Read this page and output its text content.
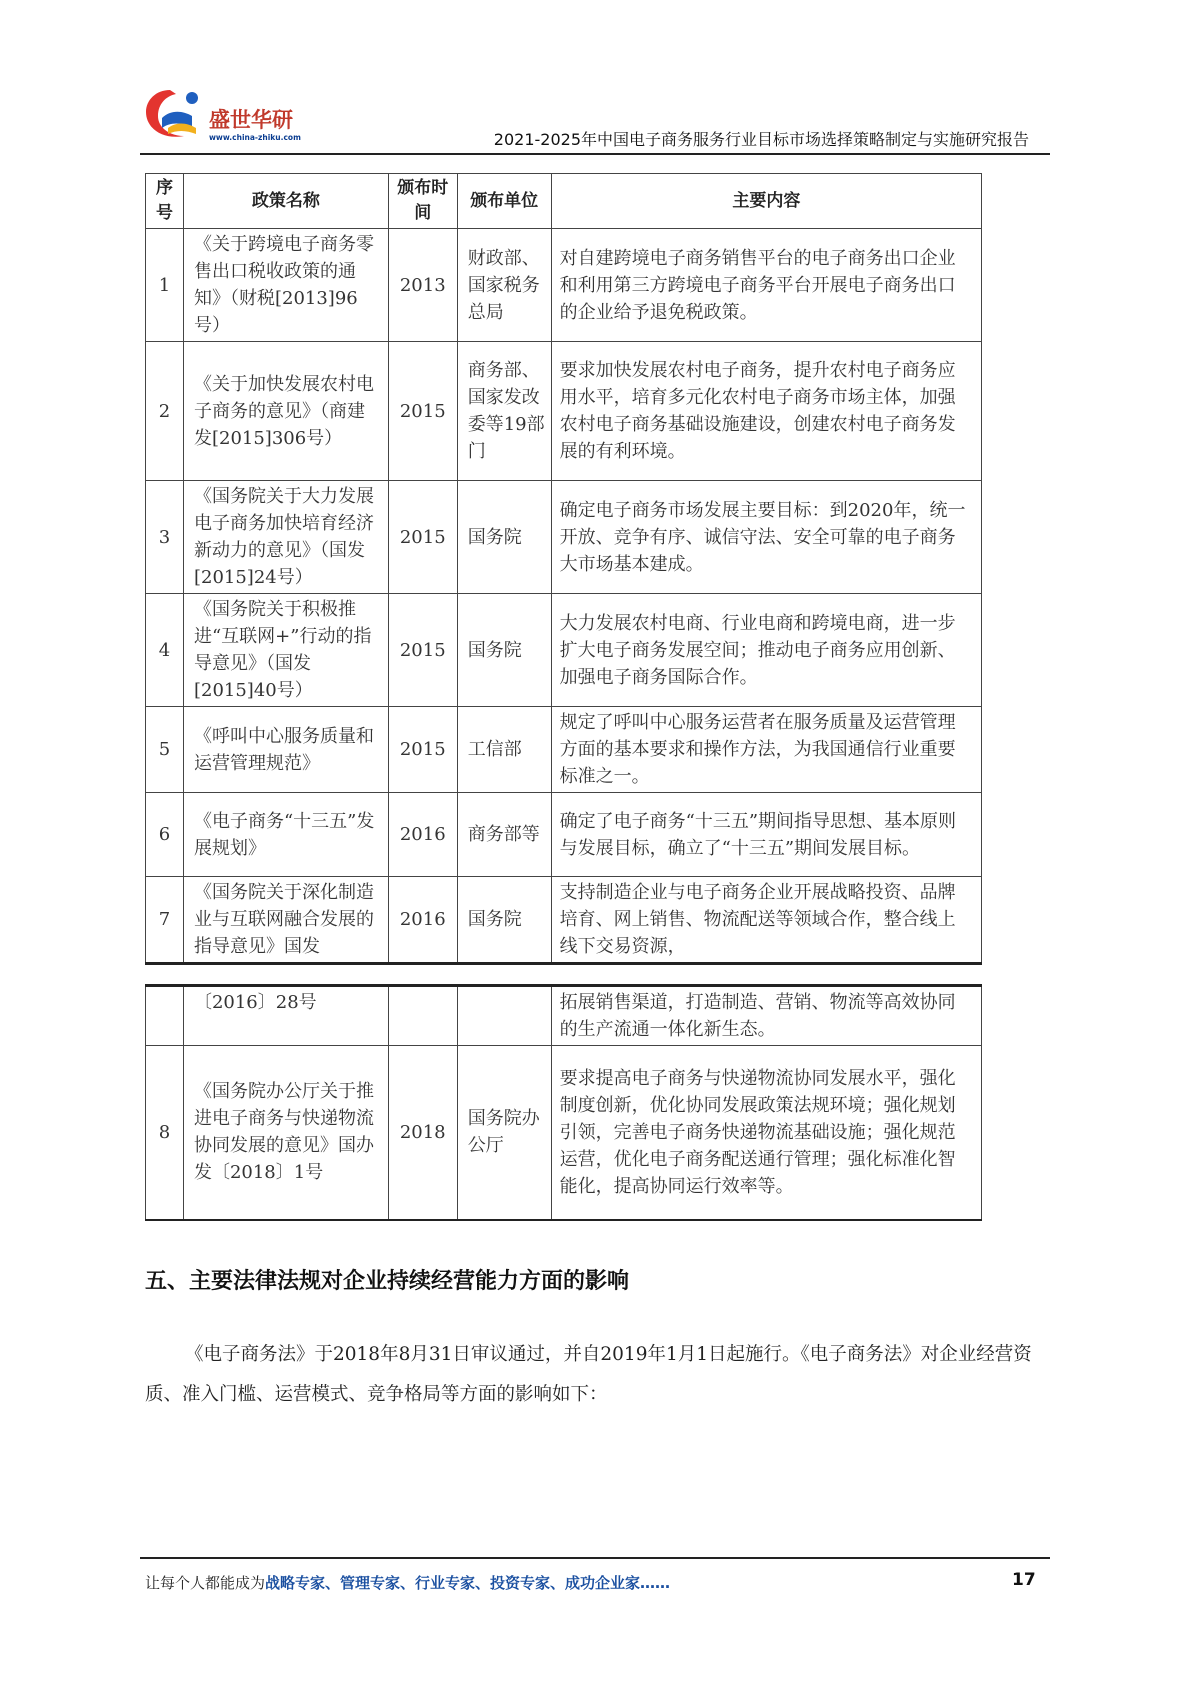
盛世华研
www.china-zhiku.com	2021-2025年中国电子商务服务行业目标市场选择策略制定与实施研究报告
序号	政策名称	颁布时间	颁布单位	主要内容
1	《关于跨境电子商务零售出口税收政策的通知》（财税[2013]96号）	2013	财政部、国家税务总局	对自建跨境电子商务销售平台的电子商务出口企业和利用第三方跨境电子商务平台开展电子商务出口的企业给予退免税政策。
2	《关于加快发展农村电子商务的意见》（商建发[2015]306号）	2015	商务部、国家发改委等19部门	要求加快发展农村电子商务，提升农村电子商务应用水平，培育多元化农村电子商务市场主体，加强农村电子商务基础设施建设，创建农村电子商务发展的有利环境。
3	《国务院关于大力发展电子商务加快培育经济新动力的意见》（国发[2015]24号）	2015	国务院	确定电子商务市场发展主要目标：到2020年，统一开放、竞争有序、诚信守法、安全可靠的电子商务大市场基本建成。
4	《国务院关于积极推进“互联网+”行动的指导意见》（国发[2015]40号）	2015	国务院	大力发展农村电商、行业电商和跨境电商，进一步扩大电子商务发展空间；推动电子商务应用创新、加强电子商务国际合作。
5	《呼叫中心服务质量和运营管理规范》	2015	工信部	规定了呼叫中心服务运营者在服务质量及运营管理方面的基本要求和操作方法，为我国通信行业重要标准之一。
6	《电子商务“十三五”发展规划》	2016	商务部等	确定了电子商务“十三五”期间指导思想、基本原则与发展目标，确立了“十三五”期间发展目标。
7	《国务院关于深化制造业与互联网融合发展的指导意见》国发	2016	国务院	支持制造企业与电子商务企业开展战略投资、品牌培育、网上销售、物流配送等领域合作，整合线上线下交易资源，
	〔2016〕28号			拓展销售渠道，打造制造、营销、物流等高效协同的生产流通一体化新生态。
8	《国务院办公厅关于推进电子商务与快递物流协同发展的意见》国办发〔2018〕1号	2018	国务院办公厅	要求提高电子商务与快递物流协同发展水平，强化制度创新，优化协同发展政策法规环境；强化规划引领，完善电子商务快递物流基础设施；强化规范运营，优化电子商务配送通行管理；强化标准化智能化，提高协同运行效率等。
五、主要法律法规对企业持续经营能力方面的影响
《电子商务法》于2018年8月31日审议通过，并自2019年1月1日起施行。《电子商务法》对企业经营资质、准入门槛、运营模式、竞争格局等方面的影响如下：
让每个人都能成为战略专家、管理专家、行业专家、投资专家、成功企业家……	17
